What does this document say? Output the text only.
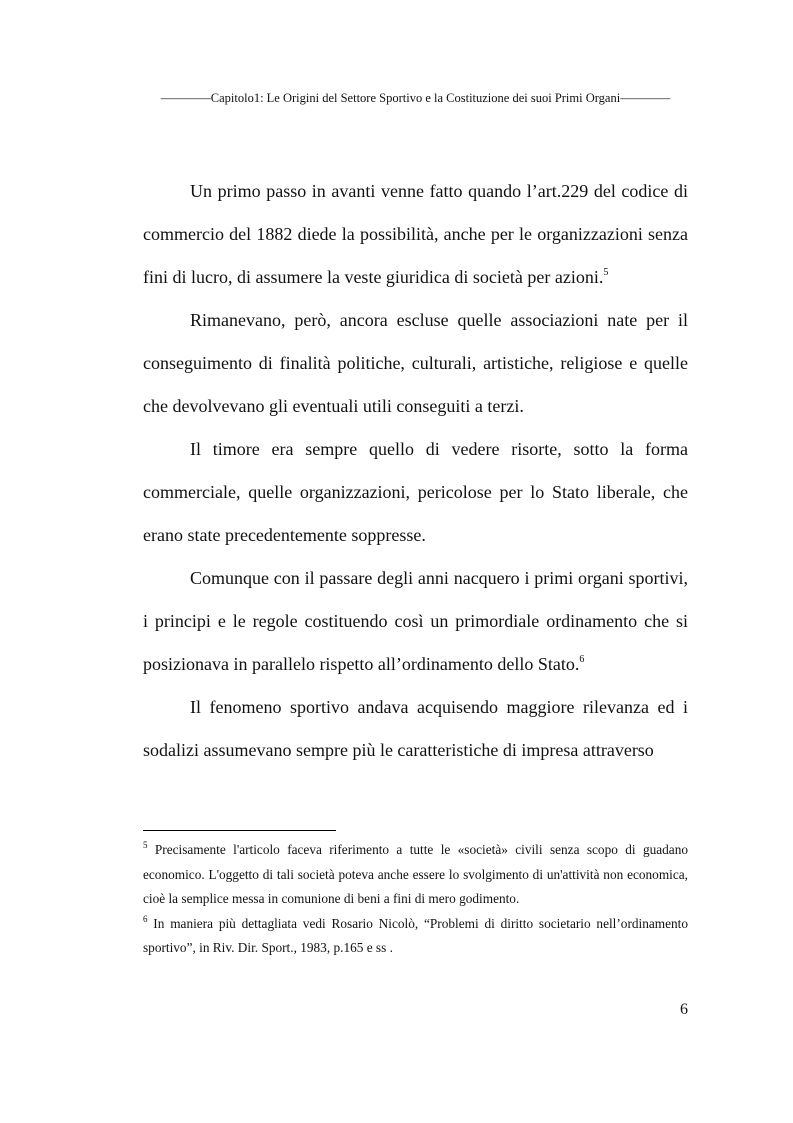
————Capitolo1: Le Origini del Settore Sportivo e la Costituzione dei suoi Primi Organi————

Un primo passo in avanti venne fatto quando l’art.229 del codice di commercio del 1882 diede la possibilità, anche per le organizzazioni senza fini di lucro, di assumere la veste giuridica di società per azioni.$^5$

Rimanevano, però, ancora escluse quelle associazioni nate per il conseguimento di finalità politiche, culturali, artistiche, religiose e quelle che devolvevano gli eventuali utili conseguiti a terzi.

Il timore era sempre quello di vedere risorte, sotto la forma commerciale, quelle organizzazioni, pericolose per lo Stato liberale, che erano state precedentemente soppresse.

Comunque con il passare degli anni nacquero i primi organi sportivi, i principi e le regole costituendo così un primordiale ordinamento che si posizionava in parallelo rispetto all’ordinamento dello Stato.$^6$

Il fenomeno sportivo andava acquisendo maggiore rilevanza ed i sodalizi assumevano sempre più le caratteristiche di impresa attraverso

$^5$ Precisamente l'articolo faceva riferimento a tutte le «società» civili senza scopo di guadano economico. L'oggetto di tali società poteva anche essere lo svolgimento di un'attività non economica, cioè la semplice messa in comunione di beni a fini di mero godimento.

$^6$ In maniera più dettagliata vedi Rosario Nicolò, “Problemi di diritto societario nell’ordinamento sportivo”, in Riv. Dir. Sport., 1983, p.165 e ss .

6
